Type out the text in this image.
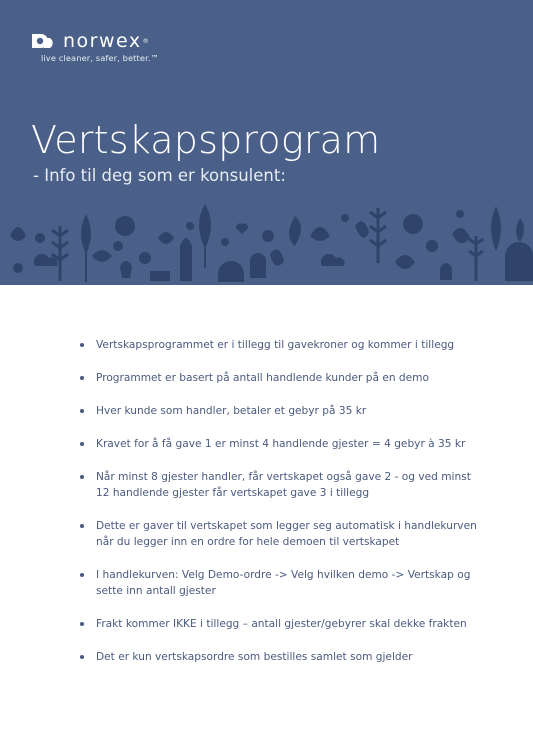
norwex ®
live cleaner, safer, better.™
Vertskapsprogram
- Info til deg som er konsulent:
Vertskapsprogrammet er i tillegg til gavekroner og kommer i tillegg
Programmet er basert på antall handlende kunder på en demo
Hver kunde som handler, betaler et gebyr på 35 kr
Kravet for å få gave 1 er minst 4 handlende gjester = 4 gebyr à 35 kr
Når minst 8 gjester handler, får vertskapet også gave 2 - og ved minst 12 handlende gjester får vertskapet gave 3 i tillegg
Dette er gaver til vertskapet som legger seg automatisk i handlekurven når du legger inn en ordre for hele demoen til vertskapet
I handlekurven: Velg Demo-ordre -> Velg hvilken demo -> Vertskap og sette inn antall gjester
Frakt kommer IKKE i tillegg – antall gjester/gebyrer skal dekke frakten
Det er kun vertskapsordre som bestilles samlet som gjelder
